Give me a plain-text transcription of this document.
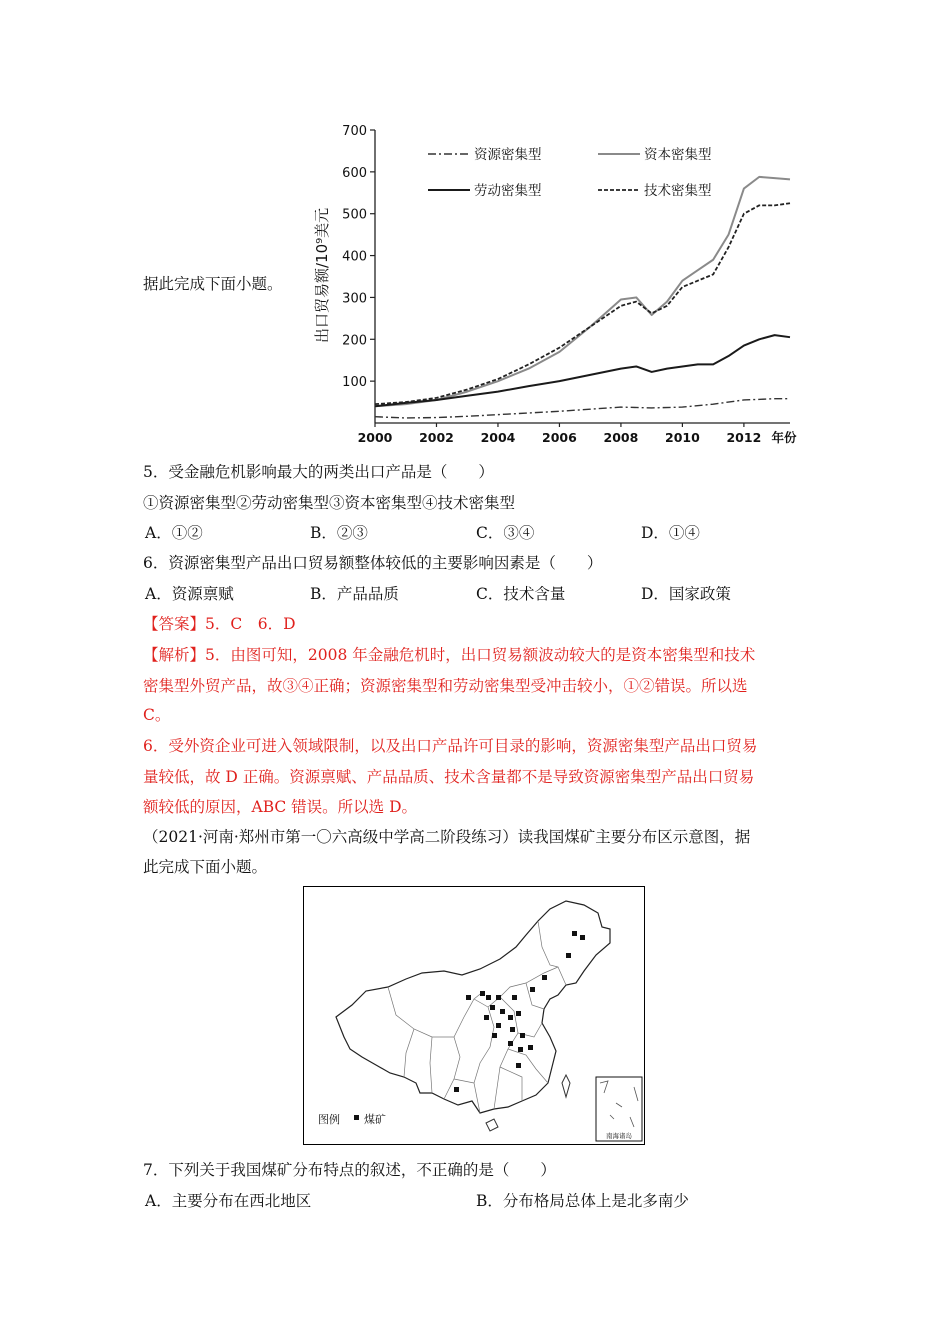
据此完成下面小题。
100
200
300
400
500
600
700
2000 2002 2004 2006 2008 2010 2012 年份
资源密集型	资本密集型
劳动密集型	技术密集型
出口贸易额/10⁹美元
5．受金融危机影响最大的两类出口产品是（　　）
①资源密集型②劳动密集型③资本密集型④技术密集型
A．①②	B．②③	C．③④	D．①④
6．资源密集型产品出口贸易额整体较低的主要影响因素是（　　）
A．资源禀赋	B．产品品质	C．技术含量	D．国家政策
【答案】5．C　6．D
【解析】5．由图可知，2008 年金融危机时，出口贸易额波动较大的是资本密集型和技术
密集型外贸产品，故③④正确；资源密集型和劳动密集型受冲击较小，①②错误。所以选
C。
6．受外资企业可进入领域限制，以及出口产品许可目录的影响，资源密集型产品出口贸易
量较低，故 D 正确。资源禀赋、产品品质、技术含量都不是导致资源密集型产品出口贸易
额较低的原因，ABC 错误。所以选 D。
（2021·河南·郑州市第一〇六高级中学高二阶段练习）读我国煤矿主要分布区示意图，据
此完成下面小题。
图例 煤矿
南海诸岛
7．下列关于我国煤矿分布特点的叙述，不正确的是（　　）
A．主要分布在西北地区	B．分布格局总体上是北多南少
